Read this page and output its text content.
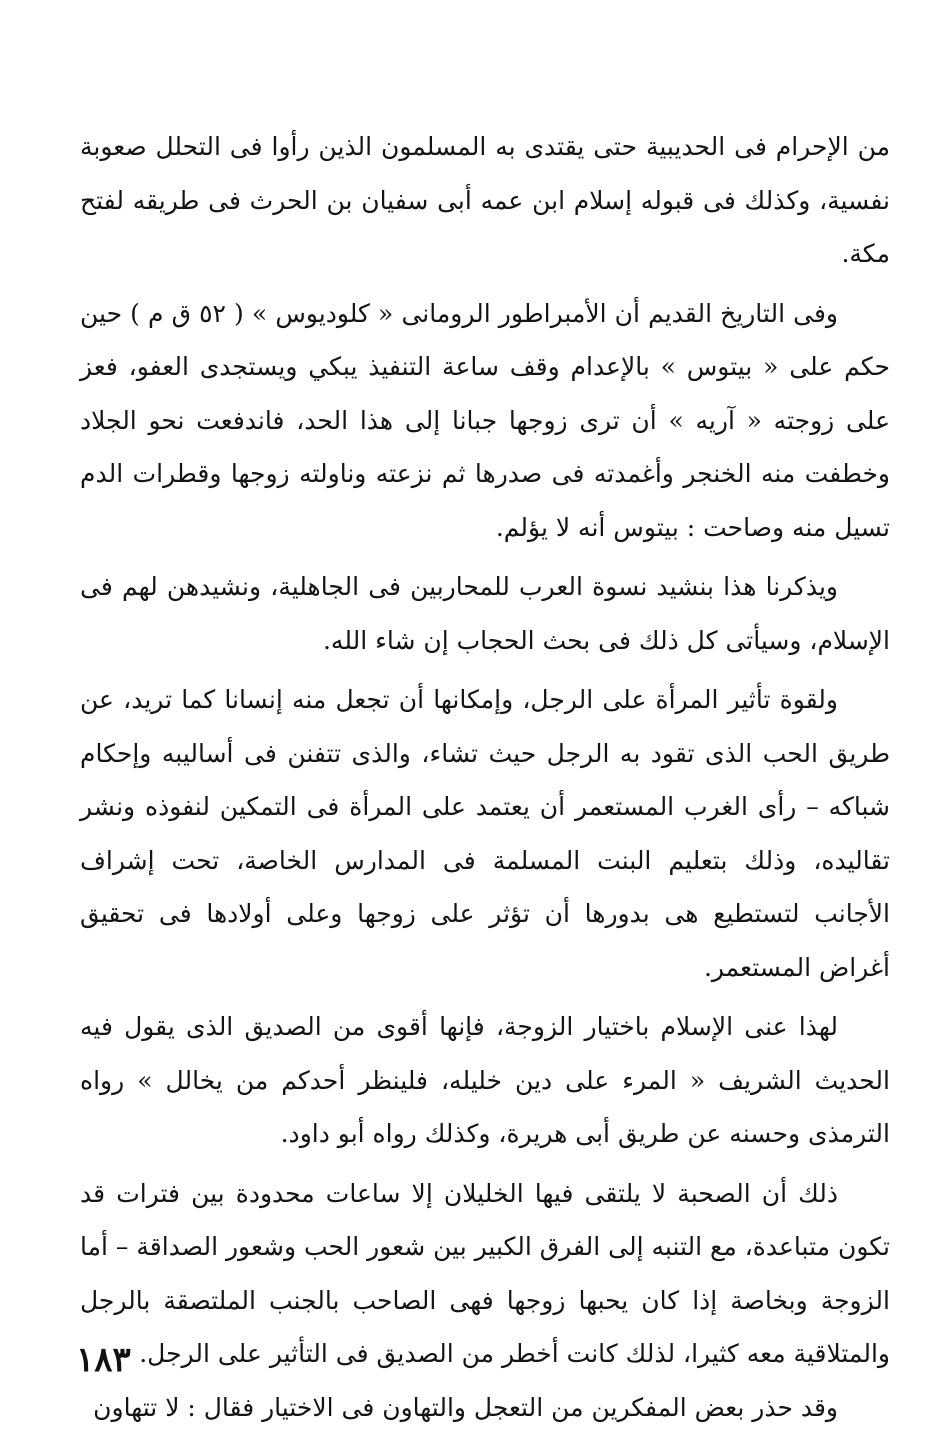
من الإحرام فى الحديبية حتى يقتدى به المسلمون الذين رأوا فى التحلل صعوبة نفسية، وكذلك فى قبوله إسلام ابن عمه أبى سفيان بن الحرث فى طريقه لفتح مكة.

وفى التاريخ القديم أن الأمبراطور الرومانى « كلوديوس » ( ٥٢ ق م ) حين حكم على « بيتوس » بالإعدام وقف ساعة التنفيذ يبكي ويستجدى العفو، فعز على زوجته « آريه » أن ترى زوجها جبانا إلى هذا الحد، فاندفعت نحو الجلاد وخطفت منه الخنجر وأغمدته فى صدرها ثم نزعته وناولته زوجها وقطرات الدم تسيل منه وصاحت : بيتوس أنه لا يؤلم.

ويذكرنا هذا بنشيد نسوة العرب للمحاربين فى الجاهلية، ونشيدهن لهم فى الإسلام، وسيأتى كل ذلك فى بحث الحجاب إن شاء الله.

ولقوة تأثير المرأة على الرجل، وإمكانها أن تجعل منه إنسانا كما تريد، عن طريق الحب الذى تقود به الرجل حيث تشاء، والذى تتفنن فى أساليبه وإحكام شباكه – رأى الغرب المستعمر أن يعتمد على المرأة فى التمكين لنفوذه ونشر تقاليده، وذلك بتعليم البنت المسلمة فى المدارس الخاصة، تحت إشراف الأجانب لتستطيع هى بدورها أن تؤثر على زوجها وعلى أولادها فى تحقيق أغراض المستعمر.

لهذا عنى الإسلام باختيار الزوجة، فإنها أقوى من الصديق الذى يقول فيه الحديث الشريف « المرء على دين خليله، فلينظر أحدكم من يخالل » رواه الترمذى وحسنه عن طريق أبى هريرة، وكذلك رواه أبو داود.

ذلك أن الصحبة لا يلتقى فيها الخليلان إلا ساعات محدودة بين فترات قد تكون متباعدة، مع التنبه إلى الفرق الكبير بين شعور الحب وشعور الصداقة – أما الزوجة وبخاصة إذا كان يحبها زوجها فهى الصاحب بالجنب الملتصقة بالرجل والمتلاقية معه كثيرا، لذلك كانت أخطر من الصديق فى التأثير على الرجل.

وقد حذر بعض المفكرين من التعجل والتهاون فى الاختيار فقال : لا تتهاون

١٨٣
